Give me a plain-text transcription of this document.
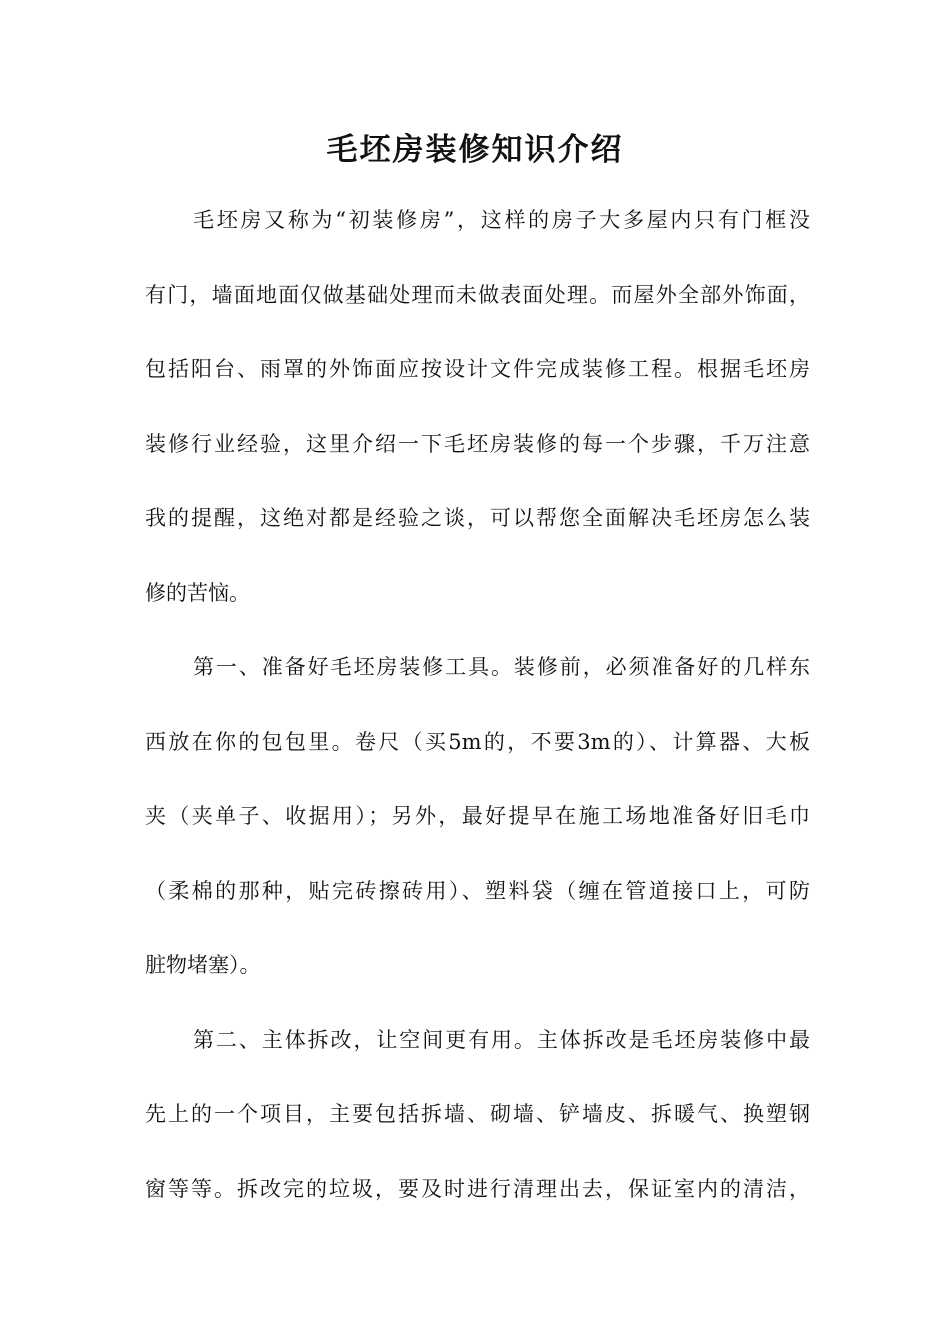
毛坯房装修知识介绍
毛坯房又称为“初装修房”，这样的房子大多屋内只有门框没
有门，墙面地面仅做基础处理而未做表面处理。而屋外全部外饰面，
包括阳台、雨罩的外饰面应按设计文件完成装修工程。根据毛坯房
装修行业经验，这里介绍一下毛坯房装修的每一个步骤，千万注意
我的提醒，这绝对都是经验之谈，可以帮您全面解决毛坯房怎么装
修的苦恼。
第一、准备好毛坯房装修工具。装修前，必须准备好的几样东
西放在你的包包里。卷尺（买5m的，不要3m的）、计算器、大板
夹（夹单子、收据用）；另外，最好提早在施工场地准备好旧毛巾
（柔棉的那种，贴完砖擦砖用）、塑料袋（缠在管道接口上，可防
脏物堵塞）。
第二、主体拆改，让空间更有用。主体拆改是毛坯房装修中最
先上的一个项目，主要包括拆墙、砌墙、铲墙皮、拆暖气、换塑钢
窗等等。拆改完的垃圾，要及时进行清理出去，保证室内的清洁，
